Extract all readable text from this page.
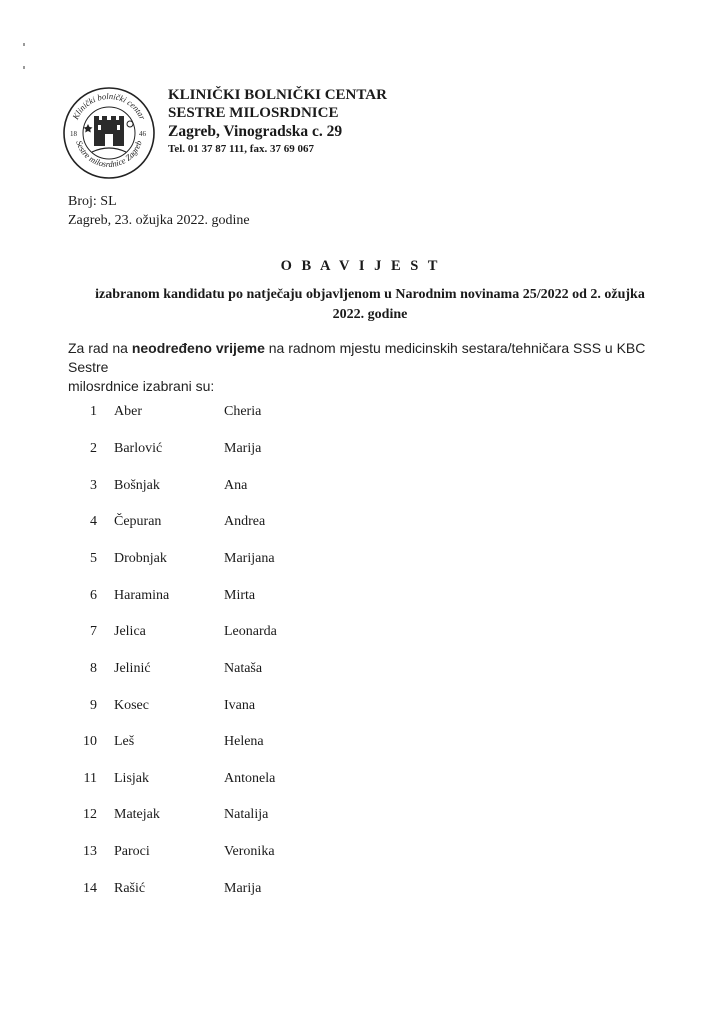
Klinički bolnički centar
Sestre milosrdnice Zagreb
18	46
KLINIČKI BOLNIČKI CENTAR
SESTRE MILOSRDNICE
Zagreb, Vinogradska c. 29
Tel. 01 37 87 111, fax. 37 69 067
Broj: SL
Zagreb, 23. ožujka 2022. godine
O B A V I J E S T
izabranom kandidatu po natječaju objavljenom u Narodnim novinama 25/2022 od 2. ožujka
2022. godine
Za rad na neodređeno vrijeme na radnom mjestu medicinskih sestara/tehničara SSS u KBC Sestre
milosrdnice izabrani su:
1 Aber	Cheria
2 Barlović	Marija
3 Bošnjak	Ana
4 Čepuran	Andrea
5 Drobnjak	Marijana
6 Haramina	Mirta
7 Jelica	Leonarda
8 Jelinić	Nataša
9 Kosec	Ivana
10 Leš	Helena
11 Lisjak	Antonela
12 Matejak	Natalija
13 Paroci	Veronika
14 Rašić	Marija
